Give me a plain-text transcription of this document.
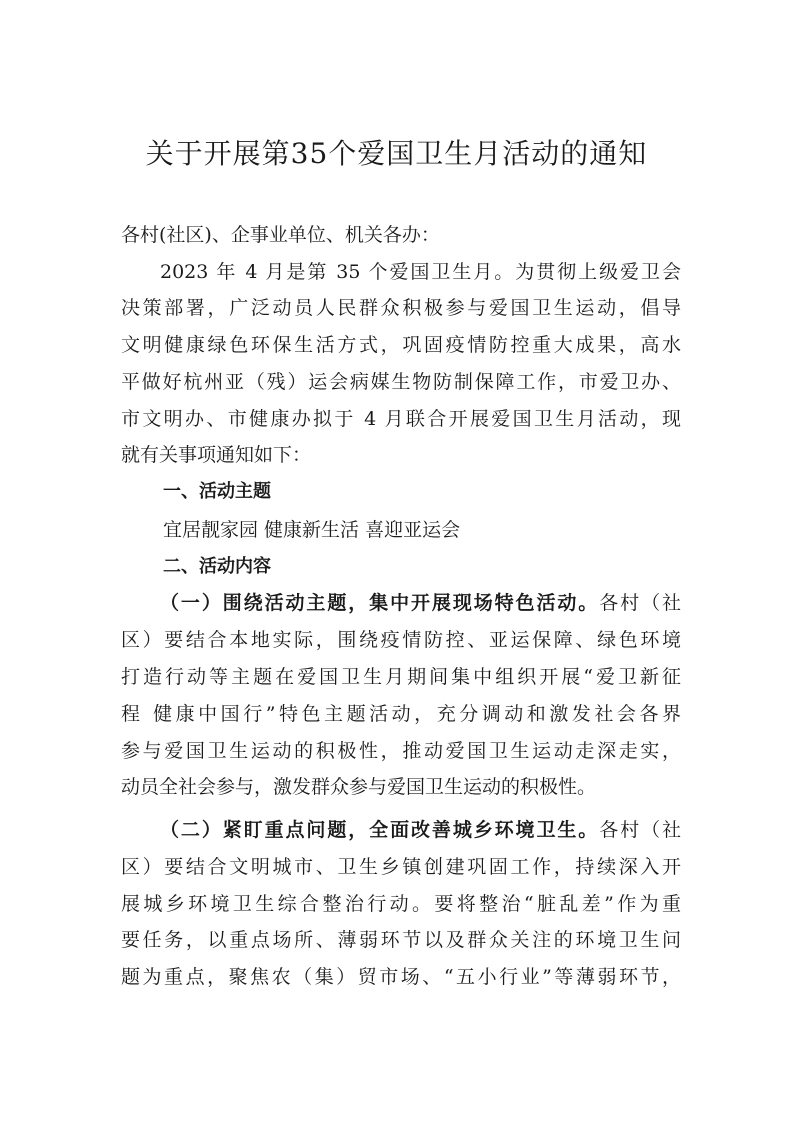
关于开展第35个爱国卫生月活动的通知
各村(社区)、企事业单位、机关各办：
2023 年 4 月是第 35 个爱国卫生月。为贯彻上级爱卫会
决策部署，广泛动员人民群众积极参与爱国卫生运动，倡导
文明健康绿色环保生活方式，巩固疫情防控重大成果，高水
平做好杭州亚（残）运会病媒生物防制保障工作，市爱卫办、
市文明办、市健康办拟于 4 月联合开展爱国卫生月活动，现
就有关事项通知如下：
一、活动主题
宜居靓家园 健康新生活 喜迎亚运会
二、活动内容
（一）围绕活动主题，集中开展现场特色活动。各村（社
区）要结合本地实际，围绕疫情防控、亚运保障、绿色环境
打造行动等主题在爱国卫生月期间集中组织开展“爱卫新征
程 健康中国行”特色主题活动，充分调动和激发社会各界
参与爱国卫生运动的积极性，推动爱国卫生运动走深走实，
动员全社会参与，激发群众参与爱国卫生运动的积极性。
（二）紧盯重点问题，全面改善城乡环境卫生。各村（社
区）要结合文明城市、卫生乡镇创建巩固工作，持续深入开
展城乡环境卫生综合整治行动。要将整治“脏乱差”作为重
要任务，以重点场所、薄弱环节以及群众关注的环境卫生问
题为重点，聚焦农（集）贸市场、“五小行业”等薄弱环节，
